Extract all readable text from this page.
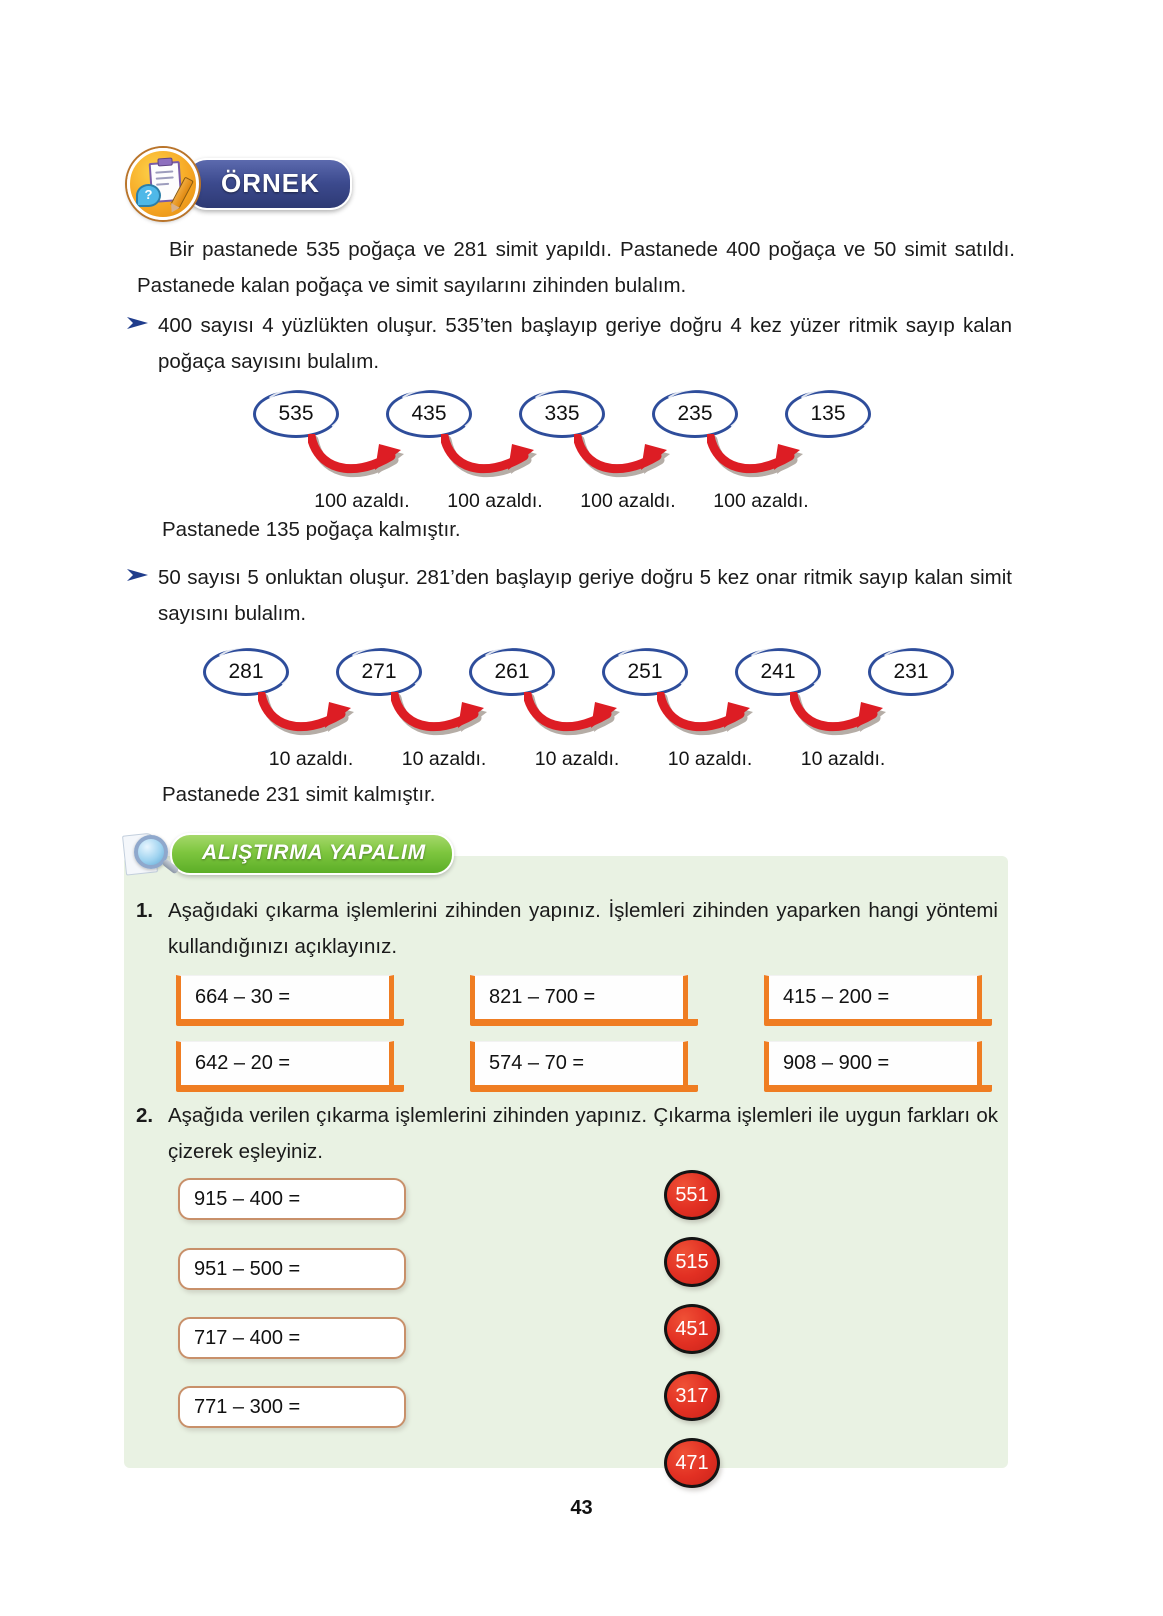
?	ÖRNEK
Bir pastanede 535 poğaça ve 281 simit yapıldı. Pastanede 400 poğaça ve 50 simit satıldı. Pastanede kalan poğaça ve simit sayılarını zihinden bulalım.
400 sayısı 4 yüzlükten oluşur. 535’ten başlayıp geriye doğru 4 kez yüzer ritmik sayıp kalan poğaça sayısını bulalım.
535	435	335	235	135
100 azaldı.	100 azaldı.	100 azaldı.	100 azaldı.
Pastanede 135 poğaça kalmıştır.
50 sayısı 5 onluktan oluşur. 281’den başlayıp geriye doğru 5 kez onar ritmik sayıp kalan simit sayısını bulalım.
281	271	261	251	241	231
10 azaldı.	10 azaldı.	10 azaldı.	10 azaldı.	10 azaldı.
Pastanede 231 simit kalmıştır.
ALIŞTIRMA YAPALIM
1. Aşağıdaki çıkarma işlemlerini zihinden yapınız. İşlemleri zihinden yaparken hangi yöntemi kullandığınızı açıklayınız.
664 – 30 =	821 – 700 =	415 – 200 =
642 – 20 =	574 – 70 =	908 – 900 =
2. Aşağıda verilen çıkarma işlemlerini zihinden yapınız. Çıkarma işlemleri ile uygun farkları ok çizerek eşleyiniz.
915 – 400 =
951 – 500 =
717 – 400 =
771 – 300 =
551
515
451
317
471
43
